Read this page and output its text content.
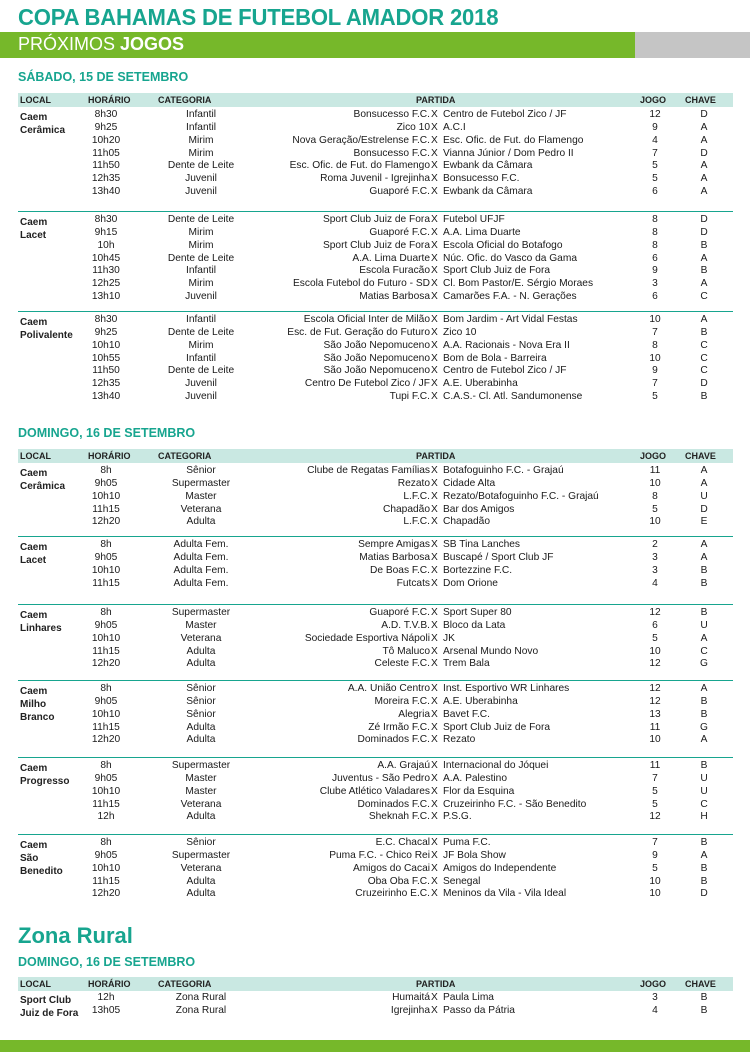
COPA BAHAMAS DE FUTEBOL AMADOR 2018
PRÓXIMOS JOGOS
SÁBADO, 15 DE SETEMBRO
LOCAL	HORÁRIO	CATEGORIA	PARTIDA	JOGO CHAVE
Caem
Cerâmica
8h30	Infantil	Bonsucesso F.C. X Centro de Futebol Zico / JF	12	D
9h25	Infantil	Zico 10 X A.C.I	9	A
10h20	Mirim	Nova Geração/Estrelense F.C. X Esc. Ofic. de Fut. do Flamengo	4	A
11h05	Mirim	Bonsucesso F.C. X Vianna Júnior / Dom Pedro II	7	D
11h50	Dente de Leite	Esc. Ofic. de Fut. do Flamengo X Ewbank da Câmara	5	A
12h35	Juvenil	Roma Juvenil - Igrejinha X Bonsucesso F.C.	5	A
13h40	Juvenil	Guaporé F.C. X Ewbank da Câmara	6	A
Caem
Lacet
8h30	Dente de Leite	Sport Club Juiz de Fora X Futebol UFJF	8	D
9h15	Mirim	Guaporé F.C. X A.A. Lima Duarte	8	D
10h	Mirim	Sport Club Juiz de Fora X Escola Oficial do Botafogo	8	B
10h45	Dente de Leite	A.A. Lima Duarte X Núc. Ofic. do Vasco da Gama	6	A
11h30	Infantil	Escola Furacão X Sport Club Juiz de Fora	9	B
12h25	Mirim	Escola Futebol do Futuro - SD X Cl. Bom Pastor/E. Sérgio Moraes	3	A
13h10	Juvenil	Matias Barbosa X Camarões F.A. - N. Gerações	6	C
Caem
Polivalente
8h30	Infantil	Escola Oficial Inter de Milão X Bom Jardim - Art Vidal Festas	10	A
9h25	Dente de Leite	Esc. de Fut. Geração do Futuro X Zico 10	7	B
10h10	Mirim	São João Nepomuceno X A.A. Racionais - Nova Era II	8	C
10h55	Infantil	São João Nepomuceno X Bom de Bola - Barreira	10	C
11h50	Dente de Leite	São João Nepomuceno X Centro de Futebol Zico / JF	9	C
12h35	Juvenil	Centro De Futebol Zico / JF X A.E. Uberabinha	7	D
13h40	Juvenil	Tupi F.C. X C.A.S.- Cl. Atl. Sandumonense	5	B
DOMINGO, 16 DE SETEMBRO
LOCAL	HORÁRIO	CATEGORIA	PARTIDA	JOGO CHAVE
Caem
Cerâmica
8h	Sênior	Clube de Regatas Famílias X Botafoguinho F.C. - Grajaú	11	A
9h05	Supermaster	Rezato X Cidade Alta	10	A
10h10	Master	L.F.C. X Rezato/Botafoguinho F.C. - Grajaú	8	U
11h15	Veterana	Chapadão X Bar dos Amigos	5	D
12h20	Adulta	L.F.C. X Chapadão	10	E
Caem
Lacet
8h	Adulta Fem.	Sempre Amigas X SB Tina Lanches	2	A
9h05	Adulta Fem.	Matias Barbosa X Buscapé / Sport Club JF	3	A
10h10	Adulta Fem.	De Boas F.C. X Bortezzine F.C.	3	B
11h15	Adulta Fem.	Futcats X Dom Orione	4	B
Caem
Linhares
8h	Supermaster	Guaporé F.C. X Sport Super 80	12	B
9h05	Master	A.D. T.V.B. X Bloco da Lata	6	U
10h10	Veterana	Sociedade Esportiva Nápoli X JK	5	A
11h15	Adulta	Tô Maluco X Arsenal Mundo Novo	10	C
12h20	Adulta	Celeste F.C. X Trem Bala	12	G
Caem
Milho
Branco
8h	Sênior	A.A. União Centro X Inst. Esportivo WR Linhares	12	A
9h05	Sênior	Moreira F.C. X A.E. Uberabinha	12	B
10h10	Sênior	Alegria X Bavet F.C.	13	B
11h15	Adulta	Zé Irmão F.C. X Sport Club Juiz de Fora	11	G
12h20	Adulta	Dominados F.C. X Rezato	10	A
Caem
Progresso
8h	Supermaster	A.A. Grajaú X Internacional do Jóquei	11	B
9h05	Master	Juventus - São Pedro X A.A. Palestino	7	U
10h10	Master	Clube Atlético Valadares X Flor da Esquina	5	U
11h15	Veterana	Dominados F.C. X Cruzeirinho F.C. - São Benedito	5	C
12h	Adulta	Sheknah F.C. X P.S.G.	12	H
Caem
São
Benedito
8h	Sênior	E.C. Chacal X Puma F.C.	7	B
9h05	Supermaster	Puma F.C. - Chico Rei X JF Bola Show	9	A
10h10	Veterana	Amigos do Cacai X Amigos do Independente	5	B
11h15	Adulta	Oba Oba F.C. X Senegal	10	B
12h20	Adulta	Cruzeirinho E.C. X Meninos da Vila - Vila Ideal	10	D
Zona Rural
DOMINGO, 16 DE SETEMBRO
LOCAL	HORÁRIO	CATEGORIA	PARTIDA	JOGO CHAVE
Sport Club
Juiz de Fora
12h	Zona Rural	Humaitá X Paula Lima	3	B
13h05	Zona Rural	Igrejinha X Passo da Pátria	4	B
